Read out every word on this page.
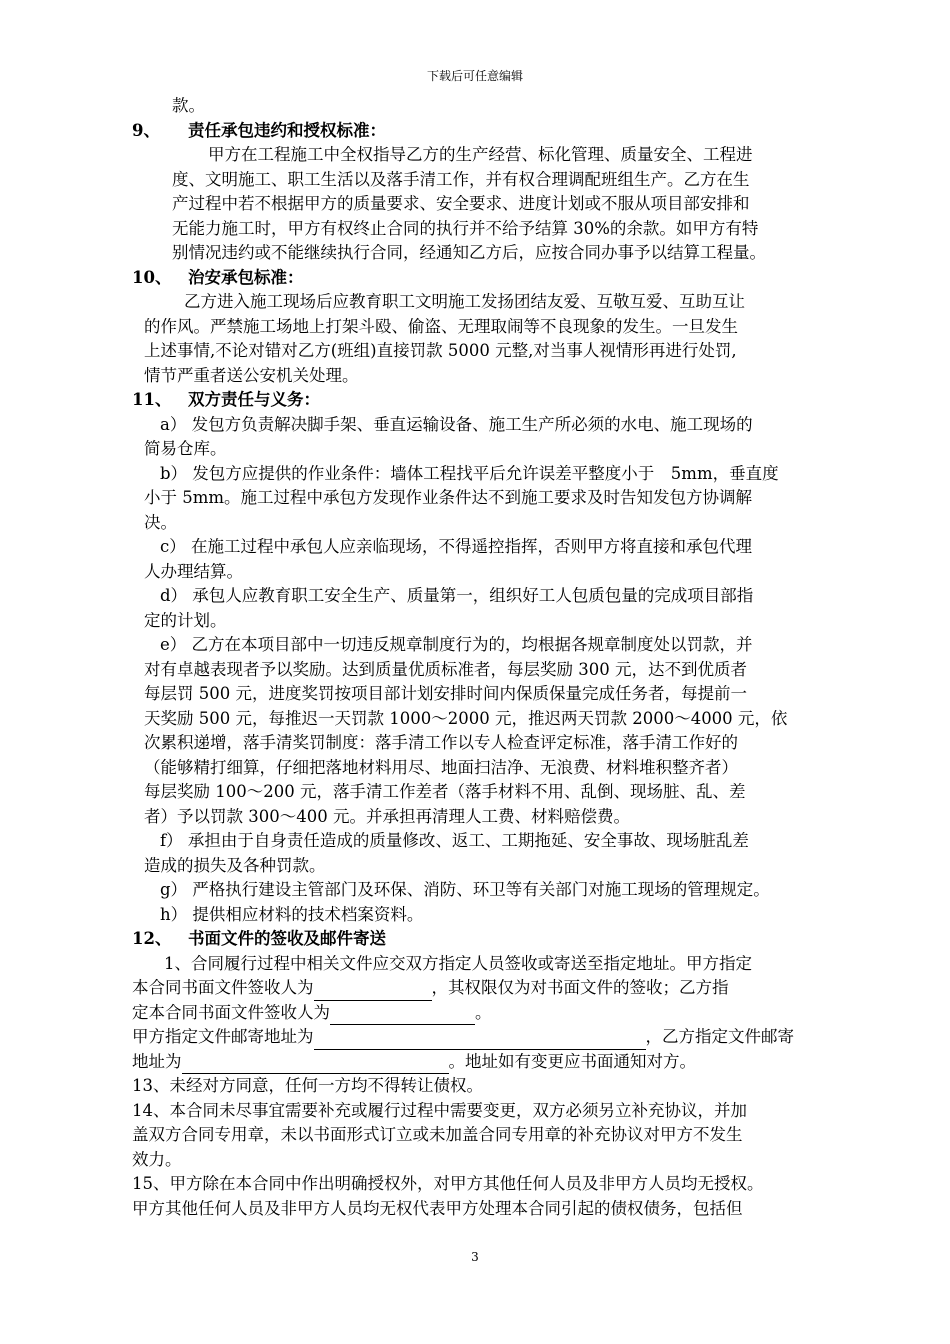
下载后可任意编辑
款。
9、 责任承包违约和授权标准：
甲方在工程施工中全权指导乙方的生产经营、标化管理、质量安全、工程进
度、文明施工、职工生活以及落手清工作，并有权合理调配班组生产。乙方在生
产过程中若不根据甲方的质量要求、安全要求、进度计划或不服从项目部安排和
无能力施工时，甲方有权终止合同的执行并不给予结算 30%的余款。如甲方有特
别情况违约或不能继续执行合同，经通知乙方后，应按合同办事予以结算工程量。
10、 治安承包标准：
乙方进入施工现场后应教育职工文明施工发扬团结友爱、互敬互爱、互助互让
的作风。严禁施工场地上打架斗殴、偷盗、无理取闹等不良现象的发生。一旦发生
上述事情,不论对错对乙方(班组)直接罚款 5000 元整,对当事人视情形再进行处罚,
情节严重者送公安机关处理。
11、 双方责任与义务：
a） 发包方负责解决脚手架、垂直运输设备、施工生产所必须的水电、施工现场的
简易仓库。
b） 发包方应提供的作业条件：墙体工程找平后允许误差平整度小于　5mm，垂直度
小于 5mm。施工过程中承包方发现作业条件达不到施工要求及时告知发包方协调解
决。
c） 在施工过程中承包人应亲临现场，不得遥控指挥，否则甲方将直接和承包代理
人办理结算。
d） 承包人应教育职工安全生产、质量第一，组织好工人包质包量的完成项目部指
定的计划。
e） 乙方在本项目部中一切违反规章制度行为的，均根据各规章制度处以罚款，并
对有卓越表现者予以奖励。达到质量优质标准者，每层奖励 300 元，达不到优质者
每层罚 500 元，进度奖罚按项目部计划安排时间内保质保量完成任务者，每提前一
天奖励 500 元，每推迟一天罚款 1000～2000 元，推迟两天罚款 2000～4000 元，依
次累积递增，落手清奖罚制度：落手清工作以专人检查评定标准，落手清工作好的
（能够精打细算，仔细把落地材料用尽、地面扫洁净、无浪费、材料堆积整齐者）
每层奖励 100～200 元，落手清工作差者（落手材料不用、乱倒、现场脏、乱、差
者）予以罚款 300～400 元。并承担再清理人工费、材料赔偿费。
f） 承担由于自身责任造成的质量修改、返工、工期拖延、安全事故、现场脏乱差
造成的损失及各种罚款。
g） 严格执行建设主管部门及环保、消防、环卫等有关部门对施工现场的管理规定。
h） 提供相应材料的技术档案资料。
12、 书面文件的签收及邮件寄送
1、合同履行过程中相关文件应交双方指定人员签收或寄送至指定地址。甲方指定
本合同书面文件签收人为	，其权限仅为对书面文件的签收；乙方指
定本合同书面文件签收人为	。
甲方指定文件邮寄地址为	，乙方指定文件邮寄
地址为	。地址如有变更应书面通知对方。
13、未经对方同意，任何一方均不得转让债权。
14、本合同未尽事宜需要补充或履行过程中需要变更，双方必须另立补充协议，并加
盖双方合同专用章，未以书面形式订立或未加盖合同专用章的补充协议对甲方不发生
效力。
15、甲方除在本合同中作出明确授权外，对甲方其他任何人员及非甲方人员均无授权。
甲方其他任何人员及非甲方人员均无权代表甲方处理本合同引起的债权债务，包括但
3
